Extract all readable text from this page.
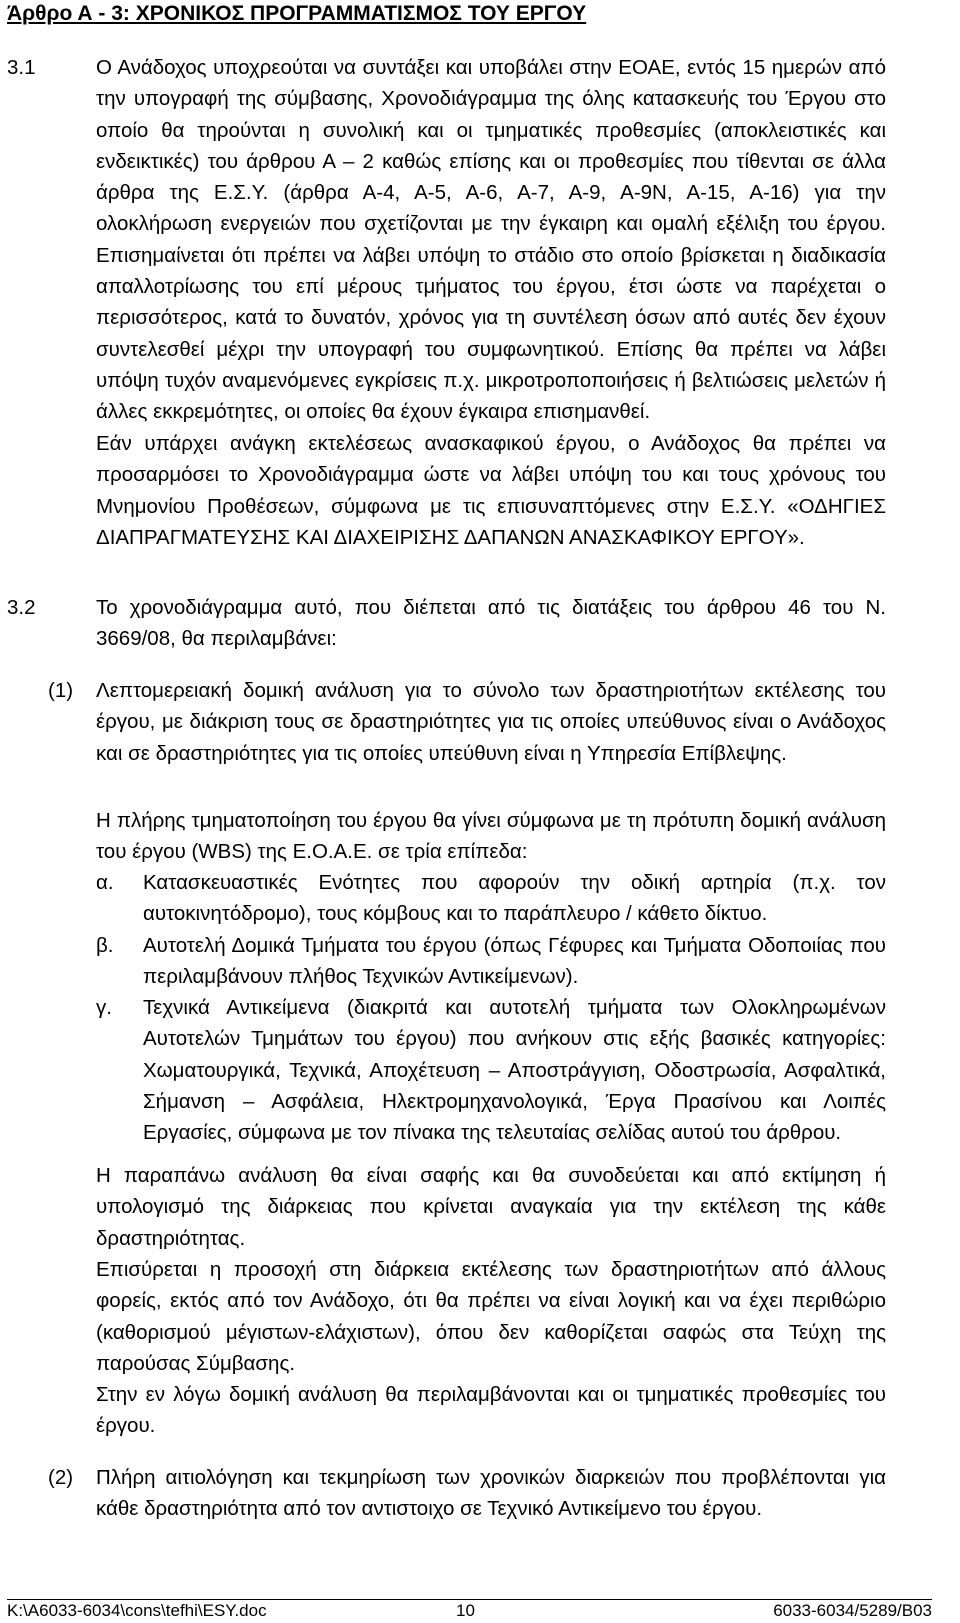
Άρθρο Α - 3: ΧΡΟΝΙΚΟΣ ΠΡΟΓΡΑΜΜΑΤΙΣΜΟΣ ΤΟΥ ΕΡΓΟΥ
3.1	Ο Ανάδοχος υποχρεούται να συντάξει και υποβάλει στην ΕΟΑΕ, εντός 15 ημερών από την υπογραφή της σύμβασης, Χρονοδιάγραμμα της όλης κατασκευής του Έργου στο οποίο θα τηρούνται η συνολική και οι τμηματικές προθεσμίες (αποκλειστικές και ενδεικτικές) του άρθρου Α – 2 καθώς επίσης και οι προθεσμίες που τίθενται σε άλλα άρθρα της Ε.Σ.Υ. (άρθρα Α-4, Α-5, Α-6, Α-7, Α-9, Α-9Ν, Α-15, Α-16) για την ολοκλήρωση ενεργειών που σχετίζονται με την έγκαιρη και ομαλή εξέλιξη του έργου. Επισημαίνεται ότι πρέπει να λάβει υπόψη το στάδιο στο οποίο βρίσκεται η διαδικασία απαλλοτρίωσης του επί μέρους τμήματος του έργου, έτσι ώστε να παρέχεται ο περισσότερος, κατά το δυνατόν, χρόνος για τη συντέλεση όσων από αυτές δεν έχουν συντελεσθεί μέχρι την υπογραφή του συμφωνητικού. Επίσης θα πρέπει να λάβει υπόψη τυχόν αναμενόμενες εγκρίσεις π.χ. μικροτροποποιήσεις ή βελτιώσεις μελετών ή άλλες εκκρεμότητες, οι οποίες θα έχουν έγκαιρα επισημανθεί.
Εάν υπάρχει ανάγκη εκτελέσεως ανασκαφικού έργου, ο Ανάδοχος θα πρέπει να προσαρμόσει το Χρονοδιάγραμμα ώστε να λάβει υπόψη του και τους χρόνους του Μνημονίου Προθέσεων, σύμφωνα με τις επισυναπτόμενες στην Ε.Σ.Υ. «ΟΔΗΓΙΕΣ ΔΙΑΠΡΑΓΜΑΤΕΥΣΗΣ ΚΑΙ ΔΙΑΧΕΙΡΙΣΗΣ ΔΑΠΑΝΩΝ ΑΝΑΣΚΑΦΙΚΟΥ ΕΡΓΟΥ».
3.2	Το χρονοδιάγραμμα αυτό, που διέπεται από τις διατάξεις του άρθρου 46 του Ν. 3669/08, θα περιλαμβάνει:
(1) Λεπτομερειακή δομική ανάλυση για το σύνολο των δραστηριοτήτων εκτέλεσης του έργου, με διάκριση τους σε δραστηριότητες για τις οποίες υπεύθυνος είναι ο Ανάδοχος και σε δραστηριότητες για τις οποίες υπεύθυνη είναι η Υπηρεσία Επίβλεψης.
Η πλήρης τμηματοποίηση του έργου θα γίνει σύμφωνα με τη πρότυπη δομική ανάλυση του έργου (WBS) της Ε.Ο.Α.Ε. σε τρία επίπεδα:
α. Κατασκευαστικές Ενότητες που αφορούν την οδική αρτηρία (π.χ. τον αυτοκινητόδρομο), τους κόμβους και το παράπλευρο / κάθετο δίκτυο.
β. Αυτοτελή Δομικά Τμήματα του έργου (όπως Γέφυρες και Τμήματα Οδοποιίας που περιλαμβάνουν πλήθος Τεχνικών Αντικείμενων).
γ. Τεχνικά Αντικείμενα (διακριτά και αυτοτελή τμήματα των Ολοκληρωμένων Αυτοτελών Τμημάτων του έργου) που ανήκουν στις εξής βασικές κατηγορίες: Χωματουργικά, Τεχνικά, Αποχέτευση – Αποστράγγιση, Οδοστρωσία, Ασφαλτικά, Σήμανση – Ασφάλεια, Ηλεκτρομηχανολογικά, Έργα Πρασίνου και Λοιπές Εργασίες, σύμφωνα με τον πίνακα της τελευταίας σελίδας αυτού του άρθρου.
Η παραπάνω ανάλυση θα είναι σαφής και θα συνοδεύεται και από εκτίμηση ή υπολογισμό της διάρκειας που κρίνεται αναγκαία για την εκτέλεση της κάθε δραστηριότητας.
Επισύρεται η προσοχή στη διάρκεια εκτέλεσης των δραστηριοτήτων από άλλους φορείς, εκτός από τον Ανάδοχο, ότι θα πρέπει να είναι λογική και να έχει περιθώριο (καθορισμού μέγιστων-ελάχιστων), όπου δεν καθορίζεται σαφώς στα Τεύχη της παρούσας Σύμβασης.
Στην εν λόγω δομική ανάλυση θα περιλαμβάνονται και οι τμηματικές προθεσμίες του έργου.
(2) Πλήρη αιτιολόγηση και τεκμηρίωση των χρονικών διαρκειών που προβλέπονται για κάθε δραστηριότητα από τον αντιστοιχο σε Τεχνικό Αντικείμενο του έργου.
K:\A6033-6034\cons\tefhi\ESY.doc	10	6033-6034/5289/B03
